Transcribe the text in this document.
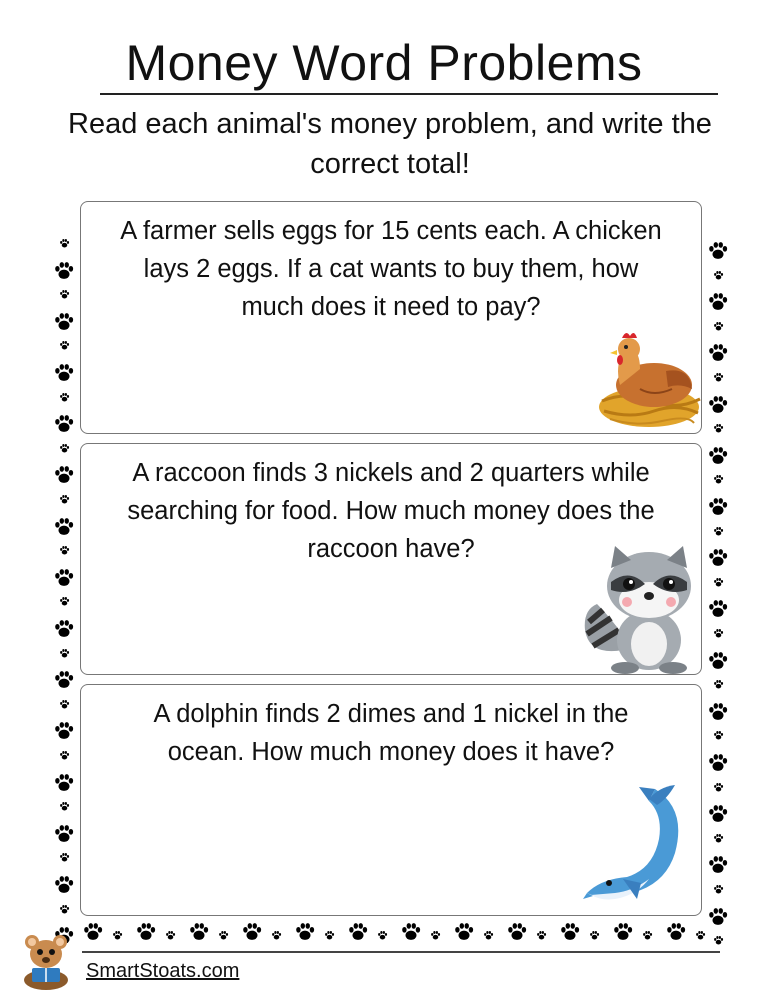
Money Word Problems
Read each animal's money problem, and write the correct total!
A farmer sells eggs for 15 cents each. A chicken lays 2 eggs. If a cat wants to buy them, how much does it need to pay?
A raccoon finds 3 nickels and 2 quarters while searching for food. How much money does the raccoon have?
A dolphin finds 2 dimes and 1 nickel in the ocean. How much money does it have?
SmartStoats.com
